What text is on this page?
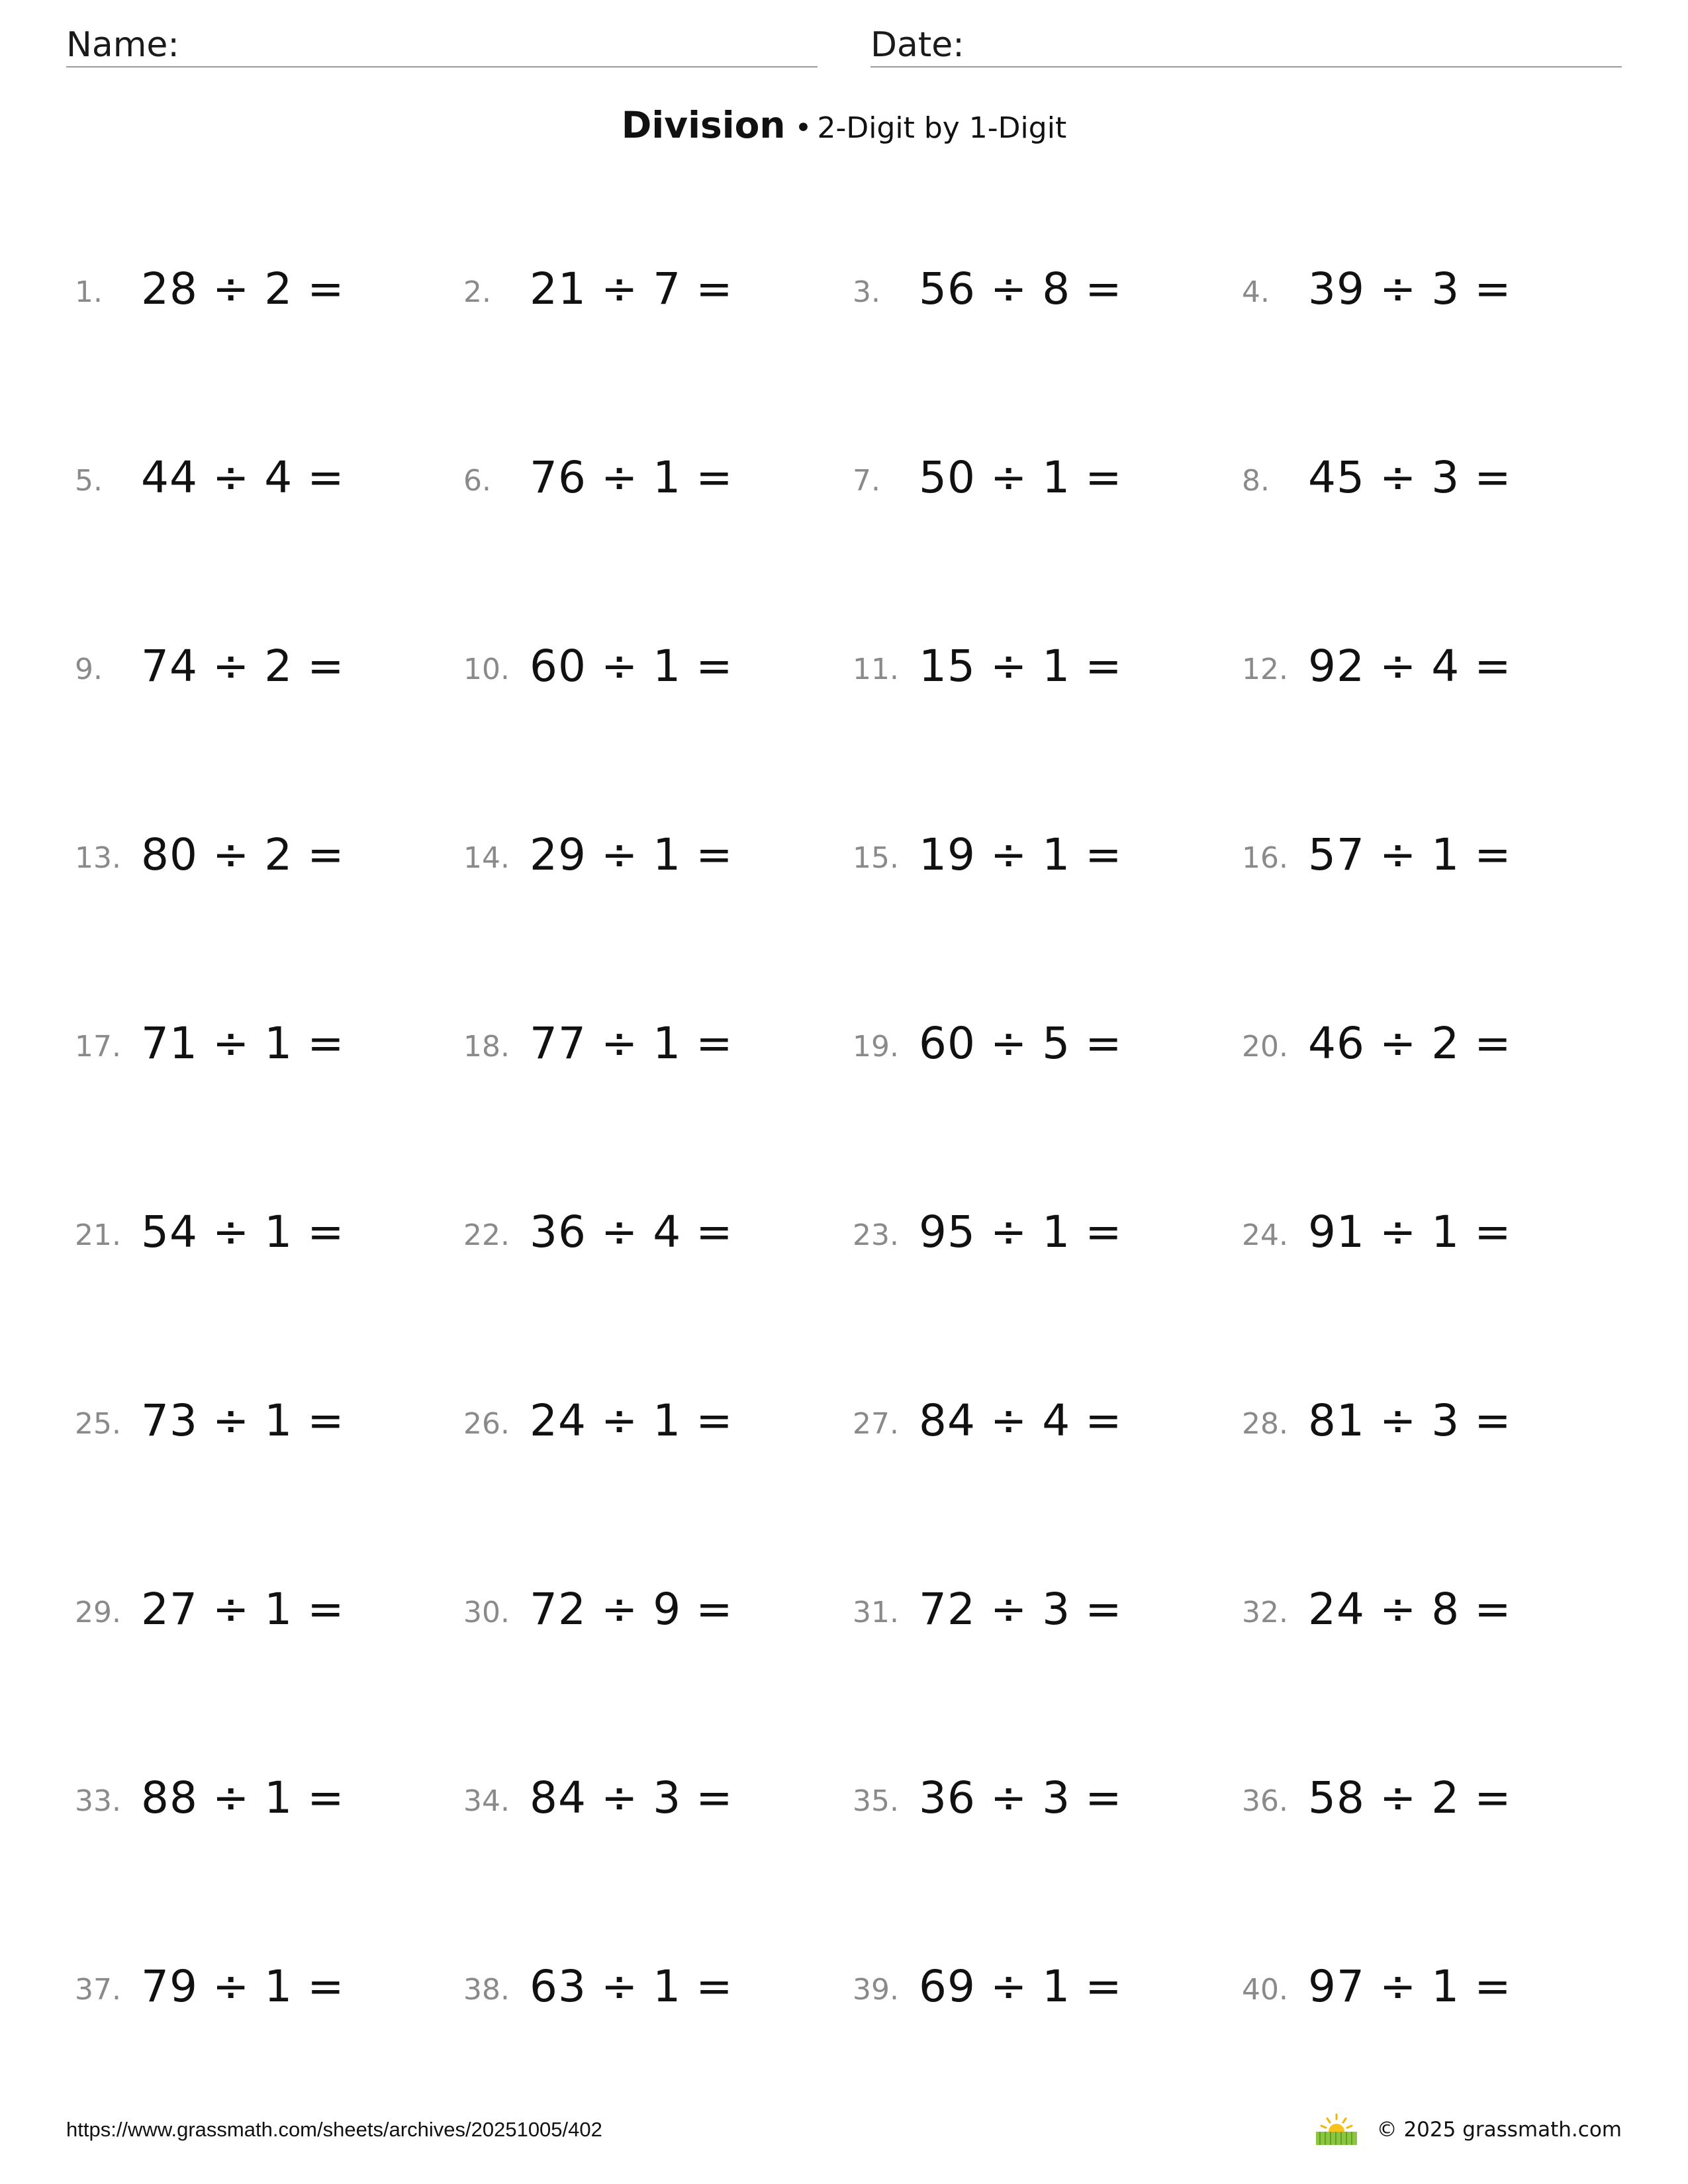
Name:	Date:
Division • 2-Digit by 1-Digit
1. 28 ÷ 2 =	2. 21 ÷ 7 =	3. 56 ÷ 8 =	4. 39 ÷ 3 =
5. 44 ÷ 4 =	6. 76 ÷ 1 =	7. 50 ÷ 1 =	8. 45 ÷ 3 =
9. 74 ÷ 2 =	10. 60 ÷ 1 =	11. 15 ÷ 1 =	12. 92 ÷ 4 =
13. 80 ÷ 2 =	14. 29 ÷ 1 =	15. 19 ÷ 1 =	16. 57 ÷ 1 =
17. 71 ÷ 1 =	18. 77 ÷ 1 =	19. 60 ÷ 5 =	20. 46 ÷ 2 =
21. 54 ÷ 1 =	22. 36 ÷ 4 =	23. 95 ÷ 1 =	24. 91 ÷ 1 =
25. 73 ÷ 1 =	26. 24 ÷ 1 =	27. 84 ÷ 4 =	28. 81 ÷ 3 =
29. 27 ÷ 1 =	30. 72 ÷ 9 =	31. 72 ÷ 3 =	32. 24 ÷ 8 =
33. 88 ÷ 1 =	34. 84 ÷ 3 =	35. 36 ÷ 3 =	36. 58 ÷ 2 =
37. 79 ÷ 1 =	38. 63 ÷ 1 =	39. 69 ÷ 1 =	40. 97 ÷ 1 =
https://www.grassmath.com/sheets/archives/20251005/402	© 2025 grassmath.com
